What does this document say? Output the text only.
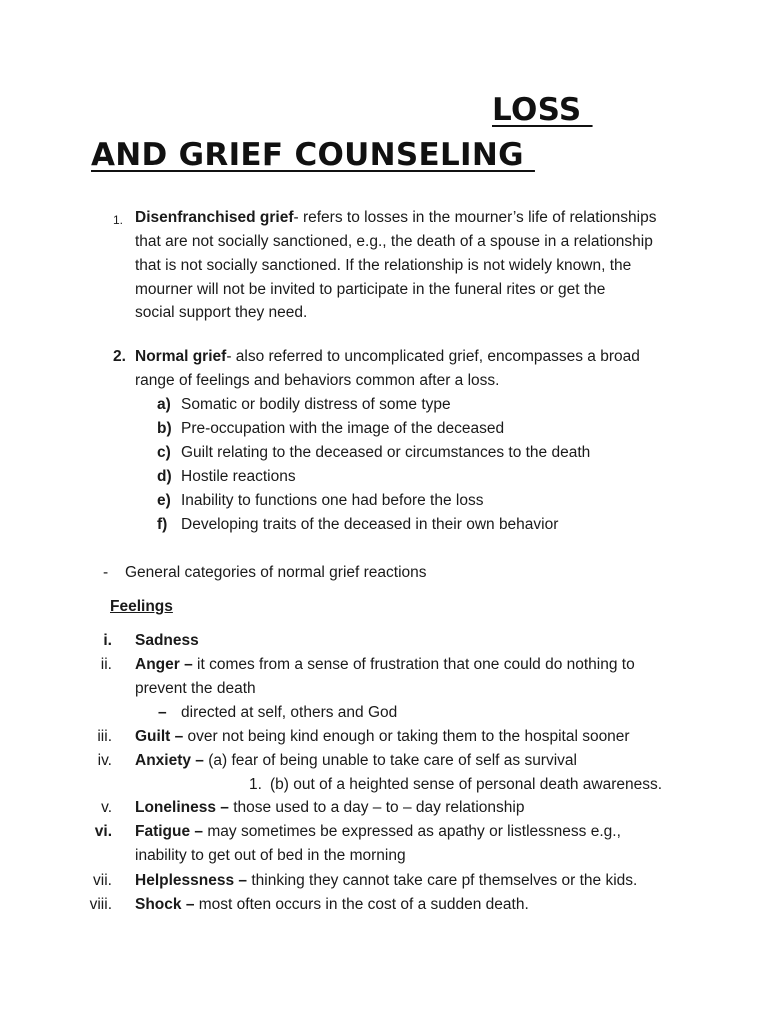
LOSS
AND GRIEF COUNSELING
1. Disenfranchised grief- refers to losses in the mourner’s life of relationships
that are not socially sanctioned, e.g., the death of a spouse in a relationship
that is not socially sanctioned. If the relationship is not widely known, the
mourner will not be invited to participate in the funeral rites or get the
social support they need.
2. Normal grief- also referred to uncomplicated grief, encompasses a broad
range of feelings and behaviors common after a loss.
a) Somatic or bodily distress of some type
b) Pre-occupation with the image of the deceased
c) Guilt relating to the deceased or circumstances to the death
d) Hostile reactions
e) Inability to functions one had before the loss
f) Developing traits of the deceased in their own behavior
- General categories of normal grief reactions
Feelings
i. Sadness
ii. Anger – it comes from a sense of frustration that one could do nothing to
prevent the death
– directed at self, others and God
iii. Guilt – over not being kind enough or taking them to the hospital sooner
iv. Anxiety – (a) fear of being unable to take care of self as survival
1. (b) out of a heighted sense of personal death awareness.
v. Loneliness – those used to a day – to – day relationship
vi. Fatigue – may sometimes be expressed as apathy or listlessness e.g.,
inability to get out of bed in the morning
vii. Helplessness – thinking they cannot take care pf themselves or the kids.
viii. Shock – most often occurs in the cost of a sudden death.
